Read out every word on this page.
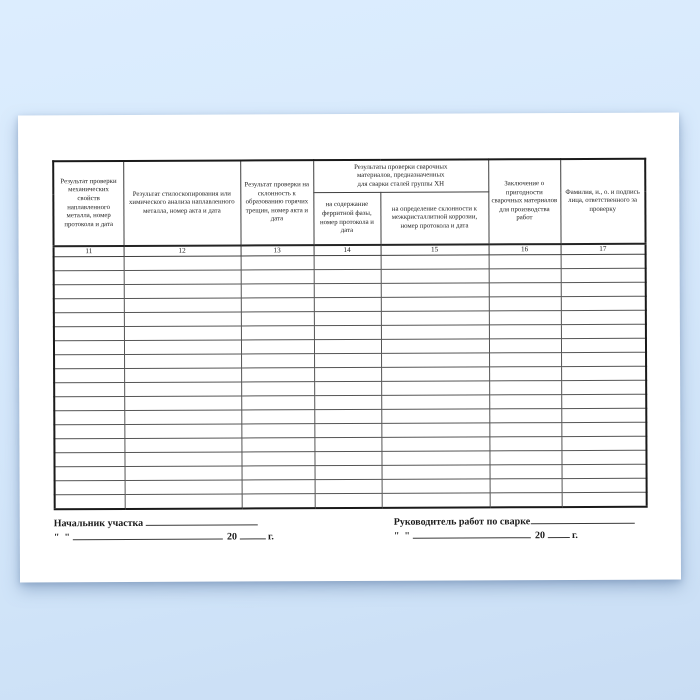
Результат проверки механических свойств наплавленного металла, номер протокола и дата	Результат стилоскопирования или химического анализа наплавленного металла, номер акта и дата	Результат проверки на склонность к образованию горячих трещин, номер акта и дата	Результаты проверки сварочных
материалов, предназначенных
для сварки сталей группы ХН		Заключение о пригодности сварочных материалов для производства работ	Фамилия, и., о. и подпись лица, ответственного за проверку
			на содержание ферритной фазы, номер протокола и дата	на определение склонности к межкристаллитной коррозии, номер протокола и дата		
11	12	13	14	15	16	17

Начальник участка
"  "	20	г.
Руководитель работ по сварке
"  "	20	г.
